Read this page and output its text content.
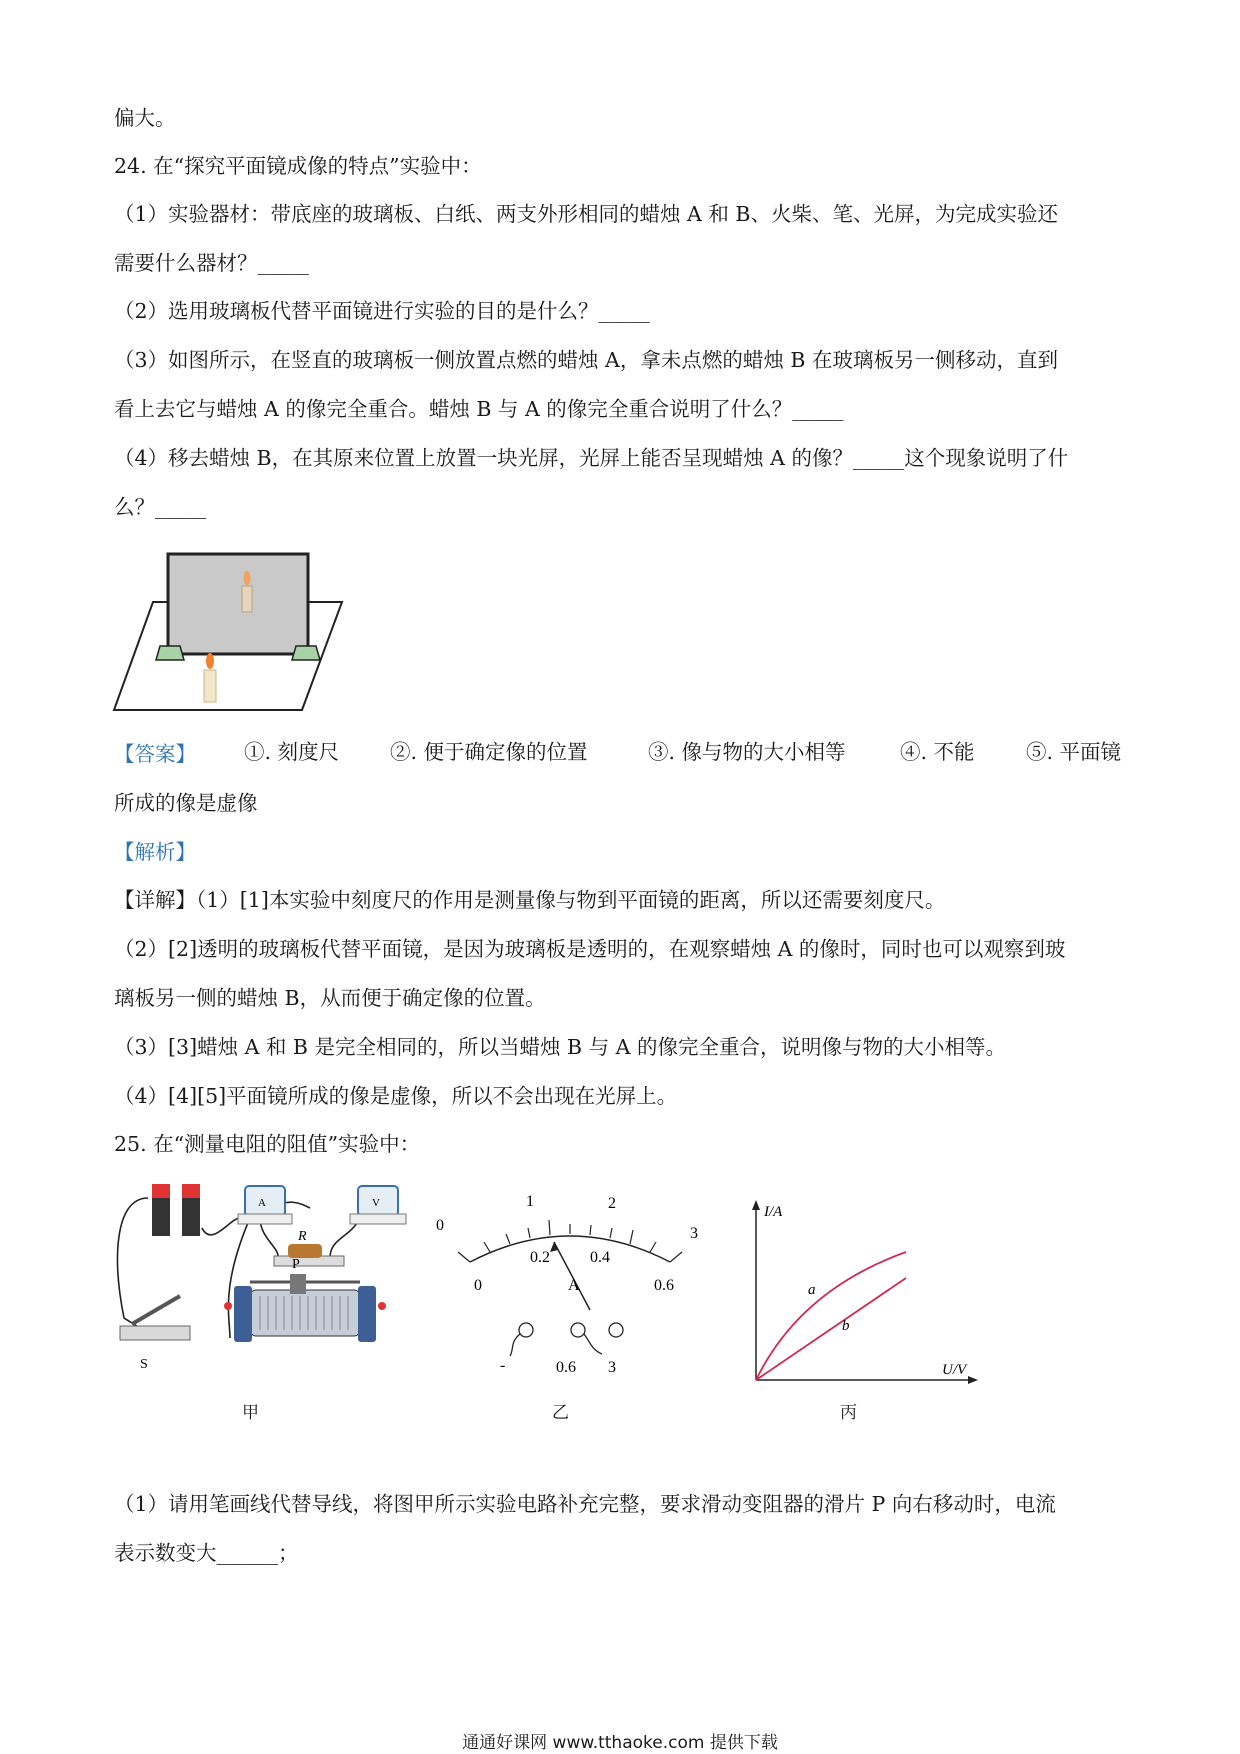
偏大。
24. 在“探究平面镜成像的特点”实验中：
（1）实验器材：带底座的玻璃板、白纸、两支外形相同的蜡烛 A 和 B、火柴、笔、光屏，为完成实验还
需要什么器材？_____
（2）选用玻璃板代替平面镜进行实验的目的是什么？_____
（3）如图所示，在竖直的玻璃板一侧放置点燃的蜡烛 A，拿未点燃的蜡烛 B 在玻璃板另一侧移动，直到
看上去它与蜡烛 A 的像完全重合。蜡烛 B 与 A 的像完全重合说明了什么？_____
（4）移去蜡烛 B，在其原来位置上放置一块光屏，光屏上能否呈现蜡烛 A 的像？_____这个现象说明了什
么？_____
【答案】 ①. 刻度尺 ②. 便于确定像的位置	③. 像与物的大小相等	④. 不能	⑤. 平面镜
所成的像是虚像
【解析】
【详解】（1）[1]本实验中刻度尺的作用是测量像与物到平面镜的距离，所以还需要刻度尺。
（2）[2]透明的玻璃板代替平面镜，是因为玻璃板是透明的，在观察蜡烛 A 的像时，同时也可以观察到玻
璃板另一侧的蜡烛 B，从而便于确定像的位置。
（3）[3]蜡烛 A 和 B 是完全相同的，所以当蜡烛 B 与 A 的像完全重合，说明像与物的大小相等。
（4）[4][5]平面镜所成的像是虚像，所以不会出现在光屏上。
25. 在“测量电阻的阻值”实验中：
A	V
R
S
P
0
1	2
3
0
0.2	0.4
0.6
A
-	0.6 3
I/A
U/V
a
b
甲	乙	丙
（1）请用笔画线代替导线，将图甲所示实验电路补充完整，要求滑动变阻器的滑片 P 向右移动时，电流
表示数变大______；
通通好课网 www.tthaoke.com 提供下载
